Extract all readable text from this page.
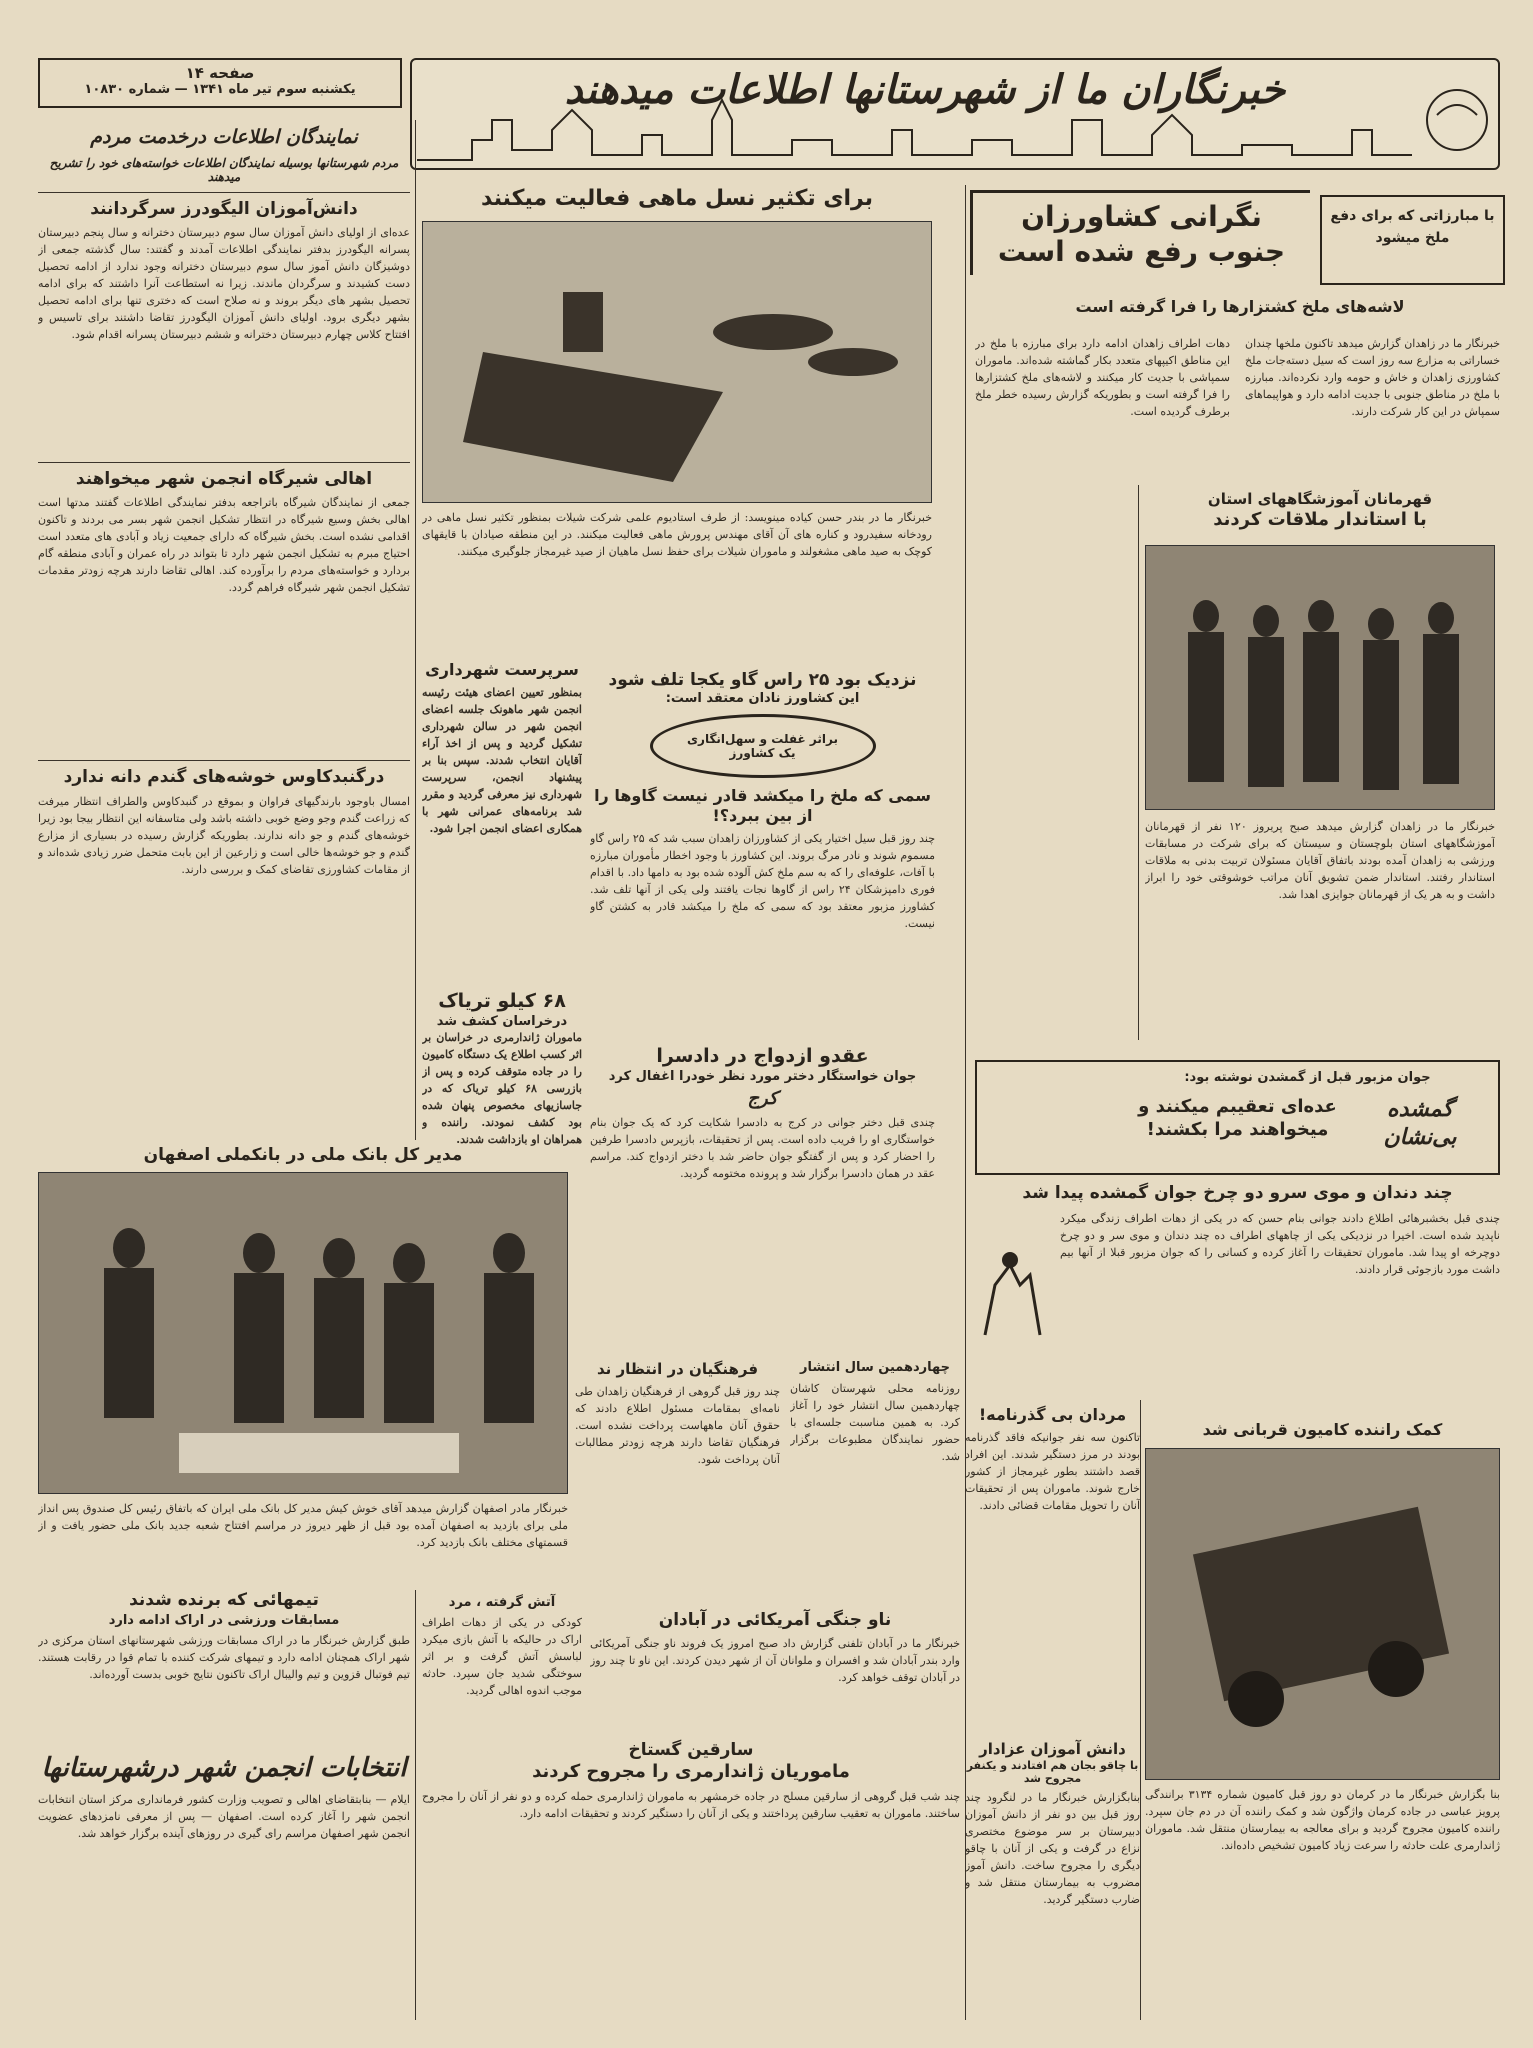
صفحه ۱۴
یکشنبه سوم تیر ماه ۱۳۴۱ — شماره ۱۰۸۳۰	خبرنگاران ما از شهرستانها اطلاعات میدهند
نمایندگان اطلاعات درخدمت مردم
مردم شهرستانها بوسیله نمایندگان اطلاعات خواسته‌های خود را تشریح میدهند
دانش‌آموزان الیگودرز سرگردانند
عده‌ای از اولیای دانش آموزان سال سوم دبیرستان دخترانه و سال پنجم دبیرستان پسرانه الیگودرز بدفتر نمایندگی اطلاعات آمدند و گفتند: سال گذشته جمعی از دوشیزگان دانش آموز سال سوم دبیرستان دخترانه وجود ندارد از ادامه تحصیل دست کشیدند و سرگردان ماندند. زیرا نه استطاعت آنرا داشتند که برای ادامه تحصیل بشهر های دیگر بروند و نه صلاح است که دختری تنها برای ادامه تحصیل بشهر دیگری برود. اولیای دانش آموزان الیگودرز تقاضا داشتند برای تاسیس و افتتاح کلاس چهارم دبیرستان دخترانه و ششم دبیرستان پسرانه اقدام شود.
اهالی شیرگاه انجمن شهر میخواهند
جمعی از نمایندگان شیرگاه باتراجعه بدفتر نمایندگی اطلاعات گفتند مدتها است اهالی بخش وسیع شیرگاه در انتظار تشکیل انجمن شهر بسر می بردند و تاکنون اقدامی نشده است. بخش شیرگاه که دارای جمعیت زیاد و آبادی های متعدد است احتیاج مبرم به تشکیل انجمن شهر دارد تا بتواند در راه عمران و آبادی منطقه گام بردارد و خواسته‌های مردم را برآورده کند. اهالی تقاضا دارند هرچه زودتر مقدمات تشکیل انجمن شهر شیرگاه فراهم گردد.
درگنبدکاوس خوشه‌های گندم دانه ندارد
امسال باوجود بارندگیهای فراوان و بموقع در گنبدکاوس والطراف انتظار میرفت که زراعت گندم وجو وضع خوبی داشته باشد ولی متاسفانه این انتظار بیجا بود زیرا خوشه‌های گندم و جو دانه ندارند. بطوریکه گزارش رسیده در بسیاری از مزارع گندم و جو خوشه‌ها خالی است و زارعین از این بابت متحمل ضرر زیادی شده‌اند و از مقامات کشاورزی تقاضای کمک و بررسی دارند.
مدیر کل بانک ملی در بانکملی اصفهان
خبرنگار مادر اصفهان گزارش میدهد آقای خوش کیش مدیر کل بانک ملی ایران که باتفاق رئیس کل صندوق پس انداز ملی برای بازدید به اصفهان آمده بود قبل از ظهر دیروز در مراسم افتتاح شعبه جدید بانک ملی حضور یافت و از قسمتهای مختلف بانک بازدید کرد.
تیمهائی که برنده شدند
مسابقات ورزشی در اراک ادامه دارد
طبق گزارش خبرنگار ما در اراک مسابقات ورزشی شهرستانهای استان مرکزی در شهر اراک همچنان ادامه دارد و تیمهای شرکت کننده با تمام قوا در رقابت هستند. تیم فوتبال قزوین و تیم والیبال اراک تاکنون نتایج خوبی بدست آورده‌اند.
انتخابات انجمن شهر درشهرستانها
ایلام — بنابتقاضای اهالی و تصویب وزارت کشور فرمانداری مرکز استان انتخابات انجمن شهر را آغاز کرده است. اصفهان — پس از معرفی نامزدهای عضویت انجمن شهر اصفهان مراسم رای گیری در روزهای آینده برگزار خواهد شد.
برای تکثیر نسل ماهی فعالیت میکنند
خبرنگار ما در بندر حسن کیاده مینویسد: از طرف استادیوم علمی شرکت شیلات بمنظور تکثیر نسل ماهی در رودخانه سفیدرود و کناره های آن آقای مهندس پرورش ماهی فعالیت میکنند. در این منطقه صیادان با قایقهای کوچک به صید ماهی مشغولند و ماموران شیلات برای حفظ نسل ماهیان از صید غیرمجاز جلوگیری میکنند.
سرپرست شهرداری
بمنظور تعیین اعضای هیئت رئیسه انجمن شهر ماهونک جلسه اعضای انجمن شهر در سالن شهرداری تشکیل گردید و پس از اخذ آراء آقایان انتخاب شدند. سپس بنا بر پیشنهاد انجمن، سرپرست شهرداری نیز معرفی گردید و مقرر شد برنامه‌های عمرانی شهر با همکاری اعضای انجمن اجرا شود.
۶۸ کیلو تریاک
درخراسان کشف شد
ماموران ژاندارمری در خراسان بر اثر کسب اطلاع یک دستگاه کامیون را در جاده متوقف کرده و پس از بازرسی ۶۸ کیلو تریاک که در جاسازیهای مخصوص پنهان شده بود کشف نمودند. راننده و همراهان او بازداشت شدند.
نزدیک بود ۲۵ راس گاو یکجا تلف شود
این کشاورز نادان معتقد است:
براثر غفلت و سهل‌انگاری یک کشاورز
سمی که ملخ را میکشد قادر نیست گاوها را از بین ببرد؟!
چند روز قبل سیل اختیار یکی از کشاورزان زاهدان سبب شد که ۲۵ راس گاو مسموم شوند و نادر مرگ بروند. این کشاورز با وجود اخطار مأموران مبارزه با آفات، علوفه‌ای را که به سم ملخ کش آلوده شده بود به دامها داد. با اقدام فوری دامپزشکان ۲۴ راس از گاوها نجات یافتند ولی یکی از آنها تلف شد. کشاورز مزبور معتقد بود که سمی که ملخ را میکشد قادر به کشتن گاو نیست.
عقدو ازدواج در دادسرا
جوان خواستگار دختر مورد نظر خودرا اغفال کرد
کرج
چندی قبل دختر جوانی در کرج به دادسرا شکایت کرد که یک جوان بنام خواستگاری او را فریب داده است. پس از تحقیقات، بازپرس دادسرا طرفین را احضار کرد و پس از گفتگو جوان حاضر شد با دختر ازدواج کند. مراسم عقد در همان دادسرا برگزار شد و پرونده مختومه گردید.
فرهنگیان در انتظار ند
چند روز قبل گروهی از فرهنگیان زاهدان طی نامه‌ای بمقامات مسئول اطلاع دادند که حقوق آنان ماههاست پرداخت نشده است. فرهنگیان تقاضا دارند هرچه زودتر مطالبات آنان پرداخت شود.
چهاردهمین سال انتشار
روزنامه محلی شهرستان کاشان چهاردهمین سال انتشار خود را آغاز کرد. به همین مناسبت جلسه‌ای با حضور نمایندگان مطبوعات برگزار شد.
آتش گرفته ، مرد
کودکی در یکی از دهات اطراف اراک در حالیکه با آتش بازی میکرد لباسش آتش گرفت و بر اثر سوختگی شدید جان سپرد. حادثه موجب اندوه اهالی گردید.
ناو جنگی آمریکائی در آبادان
خبرنگار ما در آبادان تلفنی گزارش داد صبح امروز یک فروند ناو جنگی آمریکائی وارد بندر آبادان شد و افسران و ملوانان آن از شهر دیدن کردند. این ناو تا چند روز در آبادان توقف خواهد کرد.
سارقین گستاخ
ماموریان ژاندارمری را مجروح کردند
چند شب قبل گروهی از سارقین مسلح در جاده خرمشهر به ماموران ژاندارمری حمله کرده و دو نفر از آنان را مجروح ساختند. ماموران به تعقیب سارقین پرداختند و یکی از آنان را دستگیر کردند و تحقیقات ادامه دارد.
با مبارزاتی که برای دفع ملخ میشود
نگرانی کشاورزان
جنوب رفع شده است
لاشه‌های ملخ کشتزارها را فرا گرفته است
خبرنگار ما در زاهدان گزارش میدهد تاکنون ملخها چندان خساراتی به مزارع سه روز است که سیل دسته‌جات ملخ کشاورزی زاهدان و خاش و حومه وارد نکرده‌اند. مبارزه با ملخ در مناطق جنوبی با جدیت ادامه دارد و هواپیماهای سمپاش در این کار شرکت دارند.
دهات اطراف زاهدان ادامه دارد برای مبارزه با ملخ در این مناطق اکیپهای متعدد بکار گماشته شده‌اند. ماموران سمپاشی با جدیت کار میکنند و لاشه‌های ملخ کشتزارها را فرا گرفته است و بطوریکه گزارش رسیده خطر ملخ برطرف گردیده است.
قهرمانان آموزشگاههای استان
با استاندار ملاقات کردند
خبرنگار ما در زاهدان گزارش میدهد صبح پریروز ۱۲۰ نفر از قهرمانان آموزشگاههای استان بلوچستان و سیستان که برای شرکت در مسابقات ورزشی به زاهدان آمده بودند باتفاق آقایان مسئولان تربیت بدنی به ملاقات استاندار رفتند. استاندار ضمن تشویق آنان مراتب خوشوقتی خود را ابراز داشت و به هر یک از قهرمانان جوایزی اهدا شد.
جوان مزبور قبل از گمشدن نوشته بود:
عده‌ای تعقیبم میکنند و میخواهند مرا بکشند!
گمشده بی‌نشان
چند دندان و موی سرو دو چرخ جوان گمشده پیدا شد
چندی قبل بخشبرهائی اطلاع دادند جوانی بنام حسن که در یکی از دهات اطراف زندگی میکرد ناپدید شده است. اخیرا در نزدیکی یکی از چاههای اطراف ده چند دندان و موی سر و دو چرخ دوچرخه او پیدا شد. ماموران تحقیقات را آغاز کرده و کسانی را که جوان مزبور قبلا از آنها بیم داشت مورد بازجوئی قرار دادند.
مردان بی گذرنامه!
تاکنون سه نفر جوانیکه فاقد گذرنامه بودند در مرز دستگیر شدند. این افراد قصد داشتند بطور غیرمجاز از کشور خارج شوند. ماموران پس از تحقیقات آنان را تحویل مقامات قضائی دادند.
کمک راننده کامیون قربانی شد
بنا بگزارش خبرنگار ما در کرمان دو روز قبل کامیون شماره ۳۱۳۴ برانندگی پرویز عباسی در جاده کرمان واژگون شد و کمک راننده آن در دم جان سپرد. راننده کامیون مجروح گردید و برای معالجه به بیمارستان منتقل شد. ماموران ژاندارمری علت حادثه را سرعت زیاد کامیون تشخیص داده‌اند.
دانش آموزان عزادار
با چاقو بجان هم افتادند و یکنفر مجروح شد
بنابگزارش خبرنگار ما در لنگرود چند روز قبل بین دو نفر از دانش آموزان دبیرستان بر سر موضوع مختصری نزاع در گرفت و یکی از آنان با چاقو دیگری را مجروح ساخت. دانش آموز مضروب به بیمارستان منتقل شد و ضارب دستگیر گردید.
